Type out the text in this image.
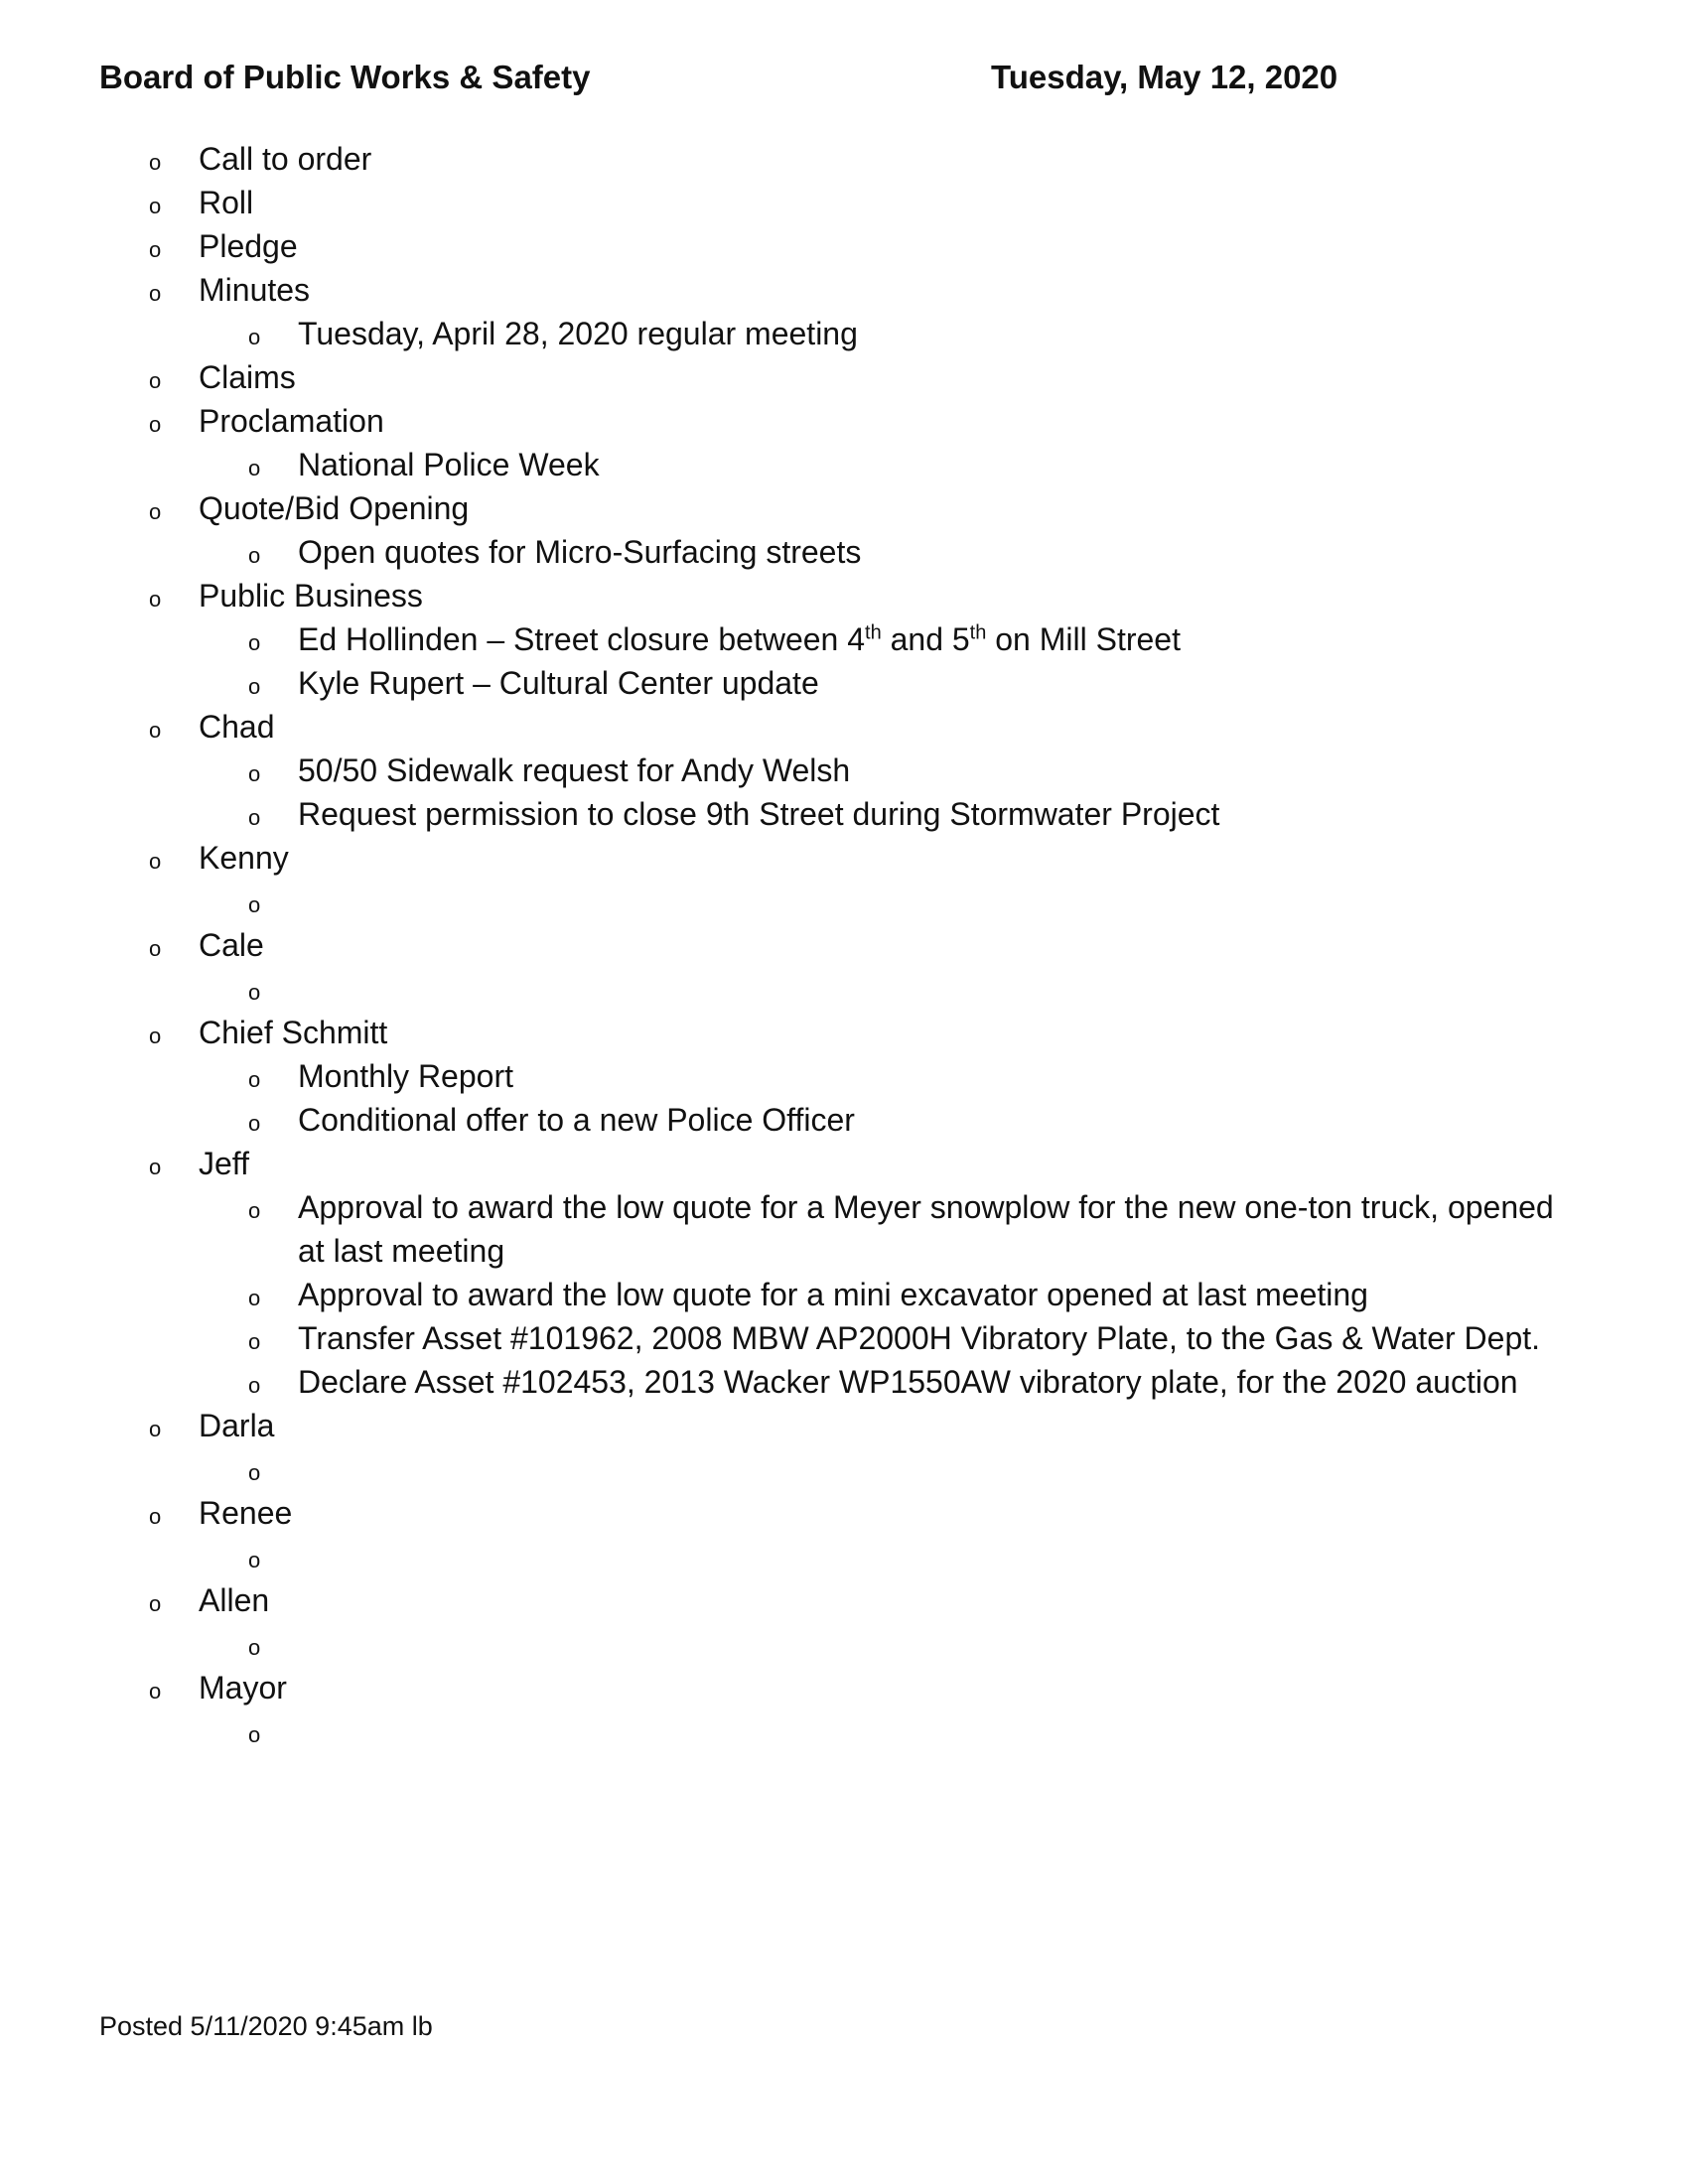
Board of Public Works & Safety	Tuesday, May 12, 2020
o Call to order
o Roll
o Pledge
o Minutes
o Tuesday, April 28, 2020 regular meeting
o Claims
o Proclamation
o National Police Week
o Quote/Bid Opening
o Open quotes for Micro-Surfacing streets
o Public Business
o Ed Hollinden – Street closure between 4th and 5th on Mill Street
o Kyle Rupert – Cultural Center update
o Chad
o 50/50 Sidewalk request for Andy Welsh
o Request permission to close 9th Street during Stormwater Project
o Kenny
o
o Cale
o
o Chief Schmitt
o Monthly Report
o Conditional offer to a new Police Officer
o Jeff
o Approval to award the low quote for a Meyer snowplow for the new one-ton truck, opened at last meeting
o Approval to award the low quote for a mini excavator opened at last meeting
o Transfer Asset #101962, 2008 MBW AP2000H Vibratory Plate, to the Gas & Water Dept.
o Declare Asset #102453, 2013 Wacker WP1550AW vibratory plate, for the 2020 auction
o Darla
o
o Renee
o
o Allen
o
o Mayor
o
Posted 5/11/2020 9:45am lb
